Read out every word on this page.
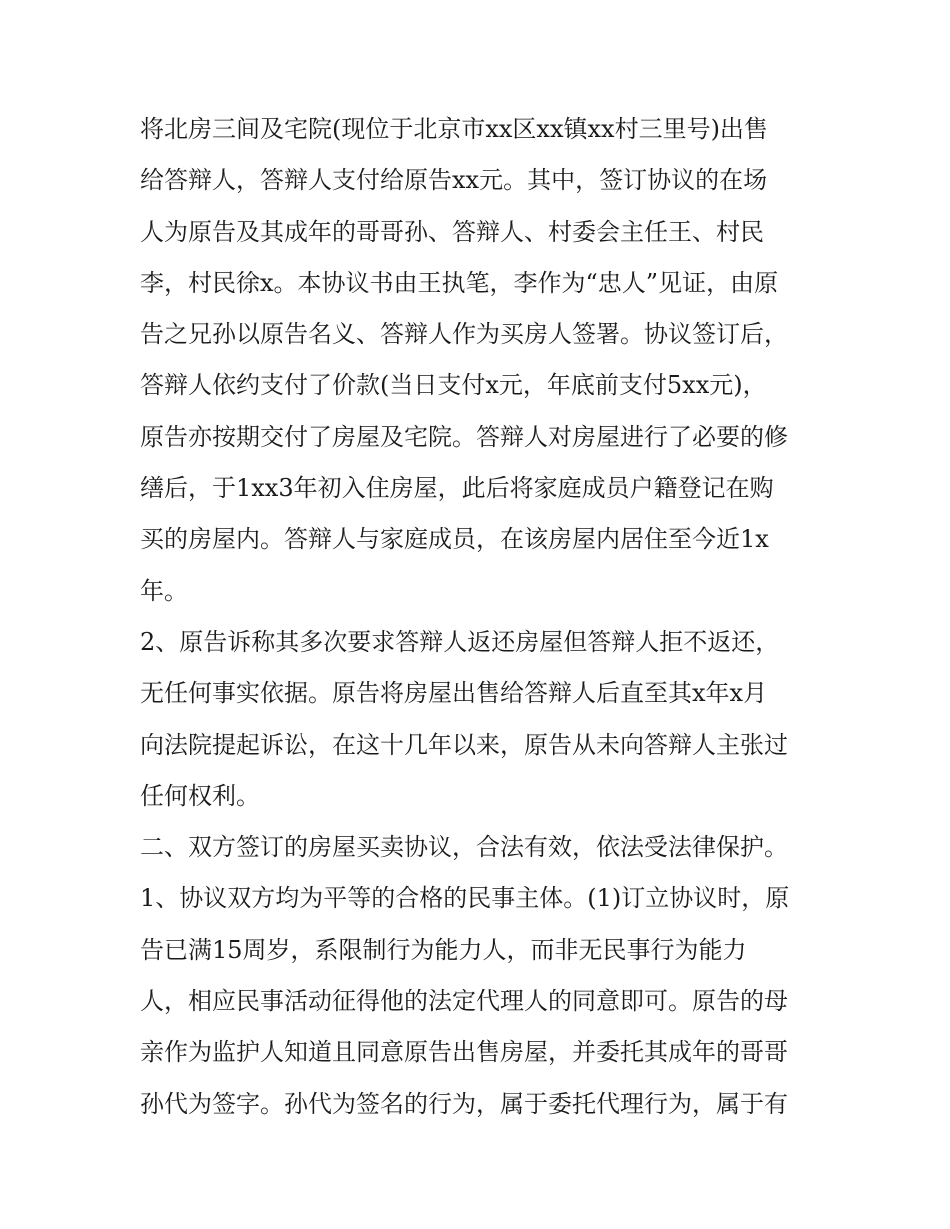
将北房三间及宅院(现位于北京市xx区xx镇xx村三里号)出售
给答辩人，答辩人支付给原告xx元。其中，签订协议的在场
人为原告及其成年的哥哥孙、答辩人、村委会主任王、村民
李，村民徐x。本协议书由王执笔，李作为“忠人”见证，由原
告之兄孙以原告名义、答辩人作为买房人签署。协议签订后，
答辩人依约支付了价款(当日支付x元，年底前支付5xx元)，
原告亦按期交付了房屋及宅院。答辩人对房屋进行了必要的修
缮后，于1xx3年初入住房屋，此后将家庭成员户籍登记在购
买的房屋内。答辩人与家庭成员，在该房屋内居住至今近1x
年。
2、原告诉称其多次要求答辩人返还房屋但答辩人拒不返还，
无任何事实依据。原告将房屋出售给答辩人后直至其x年x月
向法院提起诉讼，在这十几年以来，原告从未向答辩人主张过
任何权利。
二、双方签订的房屋买卖协议，合法有效，依法受法律保护。
1、协议双方均为平等的合格的民事主体。(1)订立协议时，原
告已满15周岁，系限制行为能力人，而非无民事行为能力
人，相应民事活动征得他的法定代理人的同意即可。原告的母
亲作为监护人知道且同意原告出售房屋，并委托其成年的哥哥
孙代为签字。孙代为签名的行为，属于委托代理行为，属于有
